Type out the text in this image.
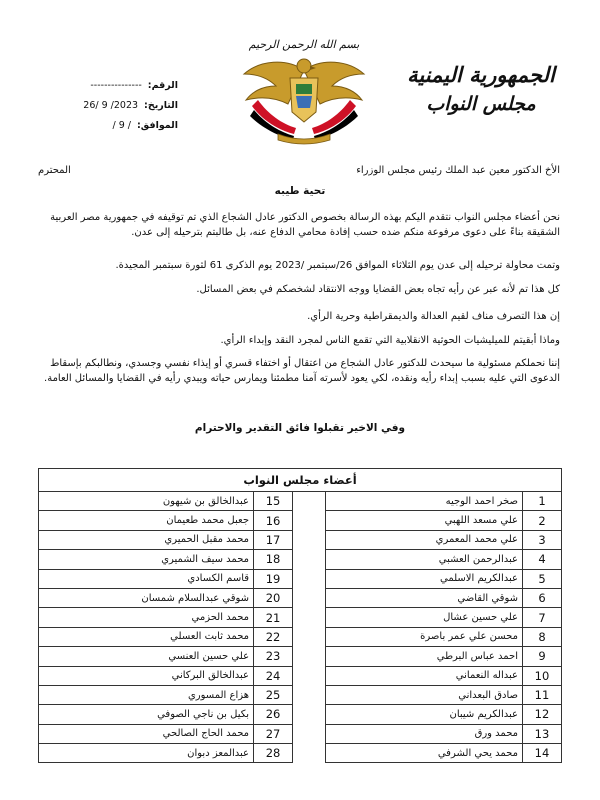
الرقم:
---------------
التاريخ:
26/ 9 /2023
الموافق:
/ 9 /
بسم الله الرحمن الرحيم
الجمهورية اليمنية
مجلس النواب
الأخ الدكتور معين عبد الملك رئيس مجلس الوزراء
المحترم
تحية طيبه
نحن أعضاء مجلس النواب نتقدم اليكم بهذه الرسالة بخصوص الدكتور عادل الشجاع الذي تم توقيفه في جمهورية مصر العربية الشقيقة بناءً على دعوى مرفوعة منكم ضده حسب إفادة محامي الدفاع عنه، بل طالبتم بترحيله إلى عدن.
وتمت محاولة ترحيله إلى عدن يوم الثلاثاء الموافق 26/سبتمبر /2023 يوم الذكرى 61 لثورة سبتمبر المجيدة.
كل هذا تم لأنه عبر عن رأيه تجاه بعض القضايا ووجه الانتقاد لشخصكم في بعض المسائل.
إن هذا التصرف مناف لقيم العدالة والديمقراطية وحرية الرأي.
وماذا أبقيتم للميليشيات الحوثية الانقلابية التي تقمع الناس لمجرد النقد وإبداء الرأي.
إننا نحملكم مسئولية ما سيحدث للدكتور عادل الشجاع من اعتقال أو اختفاء قسري أو إيذاء نفسي وجسدي، ونطالبكم بإسقاط الدعوى التي عليه بسبب إبداء رأيه ونقده، لكي يعود لأسرته آمنا مطمئنا ويمارس حياته ويبدي رأيه في القضايا والمسائل العامة.
وفي الاخير تقبلوا فائق التقدير والاحترام
أعضاء مجلس النواب				
1	صخر احمد الوجيه		15	عبدالخالق بن شيهون
2	علي مسعد اللهبي		16	جعبل محمد طعيمان
3	علي محمد المعمري		17	محمد مقبل الحميري
4	عبدالرحمن العشبي		18	محمد سيف الشميري
5	عبدالكريم الاسلمي		19	قاسم الكسادي
6	شوقي القاضي		20	شوقي عبدالسلام شمسان
7	علي حسين عشال		21	محمد الحزمي
8	محسن علي عمر باصرة		22	محمد ثابت العسلي
9	احمد عباس البرطي		23	علي حسين العنسي
10	عبداله النعماني		24	عبدالخالق البركاني
11	صادق البعداني		25	هزاع المسوري
12	عبدالكريم شيبان		26	بكيل بن ناجي الصوفي
13	محمد ورق		27	محمد الحاج الصالحي
14	محمد يحي الشرفي		28	عبدالمعز دبوان
